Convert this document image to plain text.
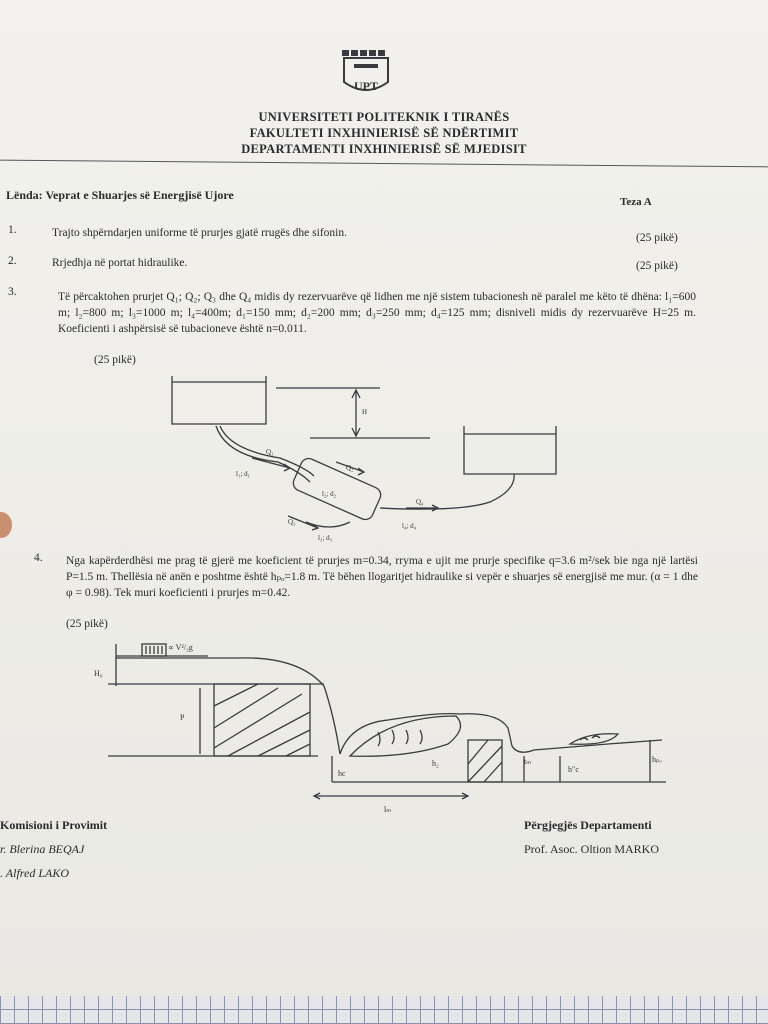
UPT
UNIVERSITETI POLITEKNIK I TIRANËS
FAKULTETI INXHINIERISË SË NDËRTIMIT
DEPARTAMENTI INXHINIERISË SË MJEDISIT
Lënda: Veprat e Shuarjes së Energjisë Ujore	Teza A
1.	Trajto shpërndarjen uniforme të prurjes gjatë rrugës dhe sifonin.	(25 pikë)
2.	Rrjedhja në portat hidraulike.	(25 pikë)
3.	Të përcaktohen prurjet Q₁; Q₂; Q₃ dhe Q₄ midis dy rezervuarëve që lidhen me një sistem tubacionesh në paralel me këto të dhëna: l₁=600 m; l₂=800 m; l₃=1000 m; l₄=400m; d₁=150 mm; d₂=200 mm; d₃=250 mm; d₄=125 mm; disniveli midis dy rezervuarëve H=25 m. Koeficienti i ashpërsisë së tubacioneve është n=0.011.
(25 pikë)
H
Q₁
Q₂
Q₃
Q₄
l₁; d₁
l₂; d₂
l₃; d₃
l₄; d₄
4. Nga kapërderdhësi me prag të gjerë me koeficient të prurjes m=0.34, rryma e ujit me prurje specifike q=3.6 m²/sek bie nga një lartësi P=1.5 m. Thellësia në anën e poshtme është hₚₒ=1.8 m. Të bëhen llogaritjet hidraulike si vepër e shuarjes së energjisë me mur. (α = 1 dhe φ = 0.98). Tek muri koeficienti i prurjes m=0.42.
(25 pikë)
∝ V²/₂g
H₀
P
hc
h₂	tₘ
h″c
hₚₒ
lₘ
Komisioni i Provimit
r. Blerina BEQAJ
. Alfred LAKO
Përgjegjës Departamenti
Prof. Asoc. Oltion MARKO
